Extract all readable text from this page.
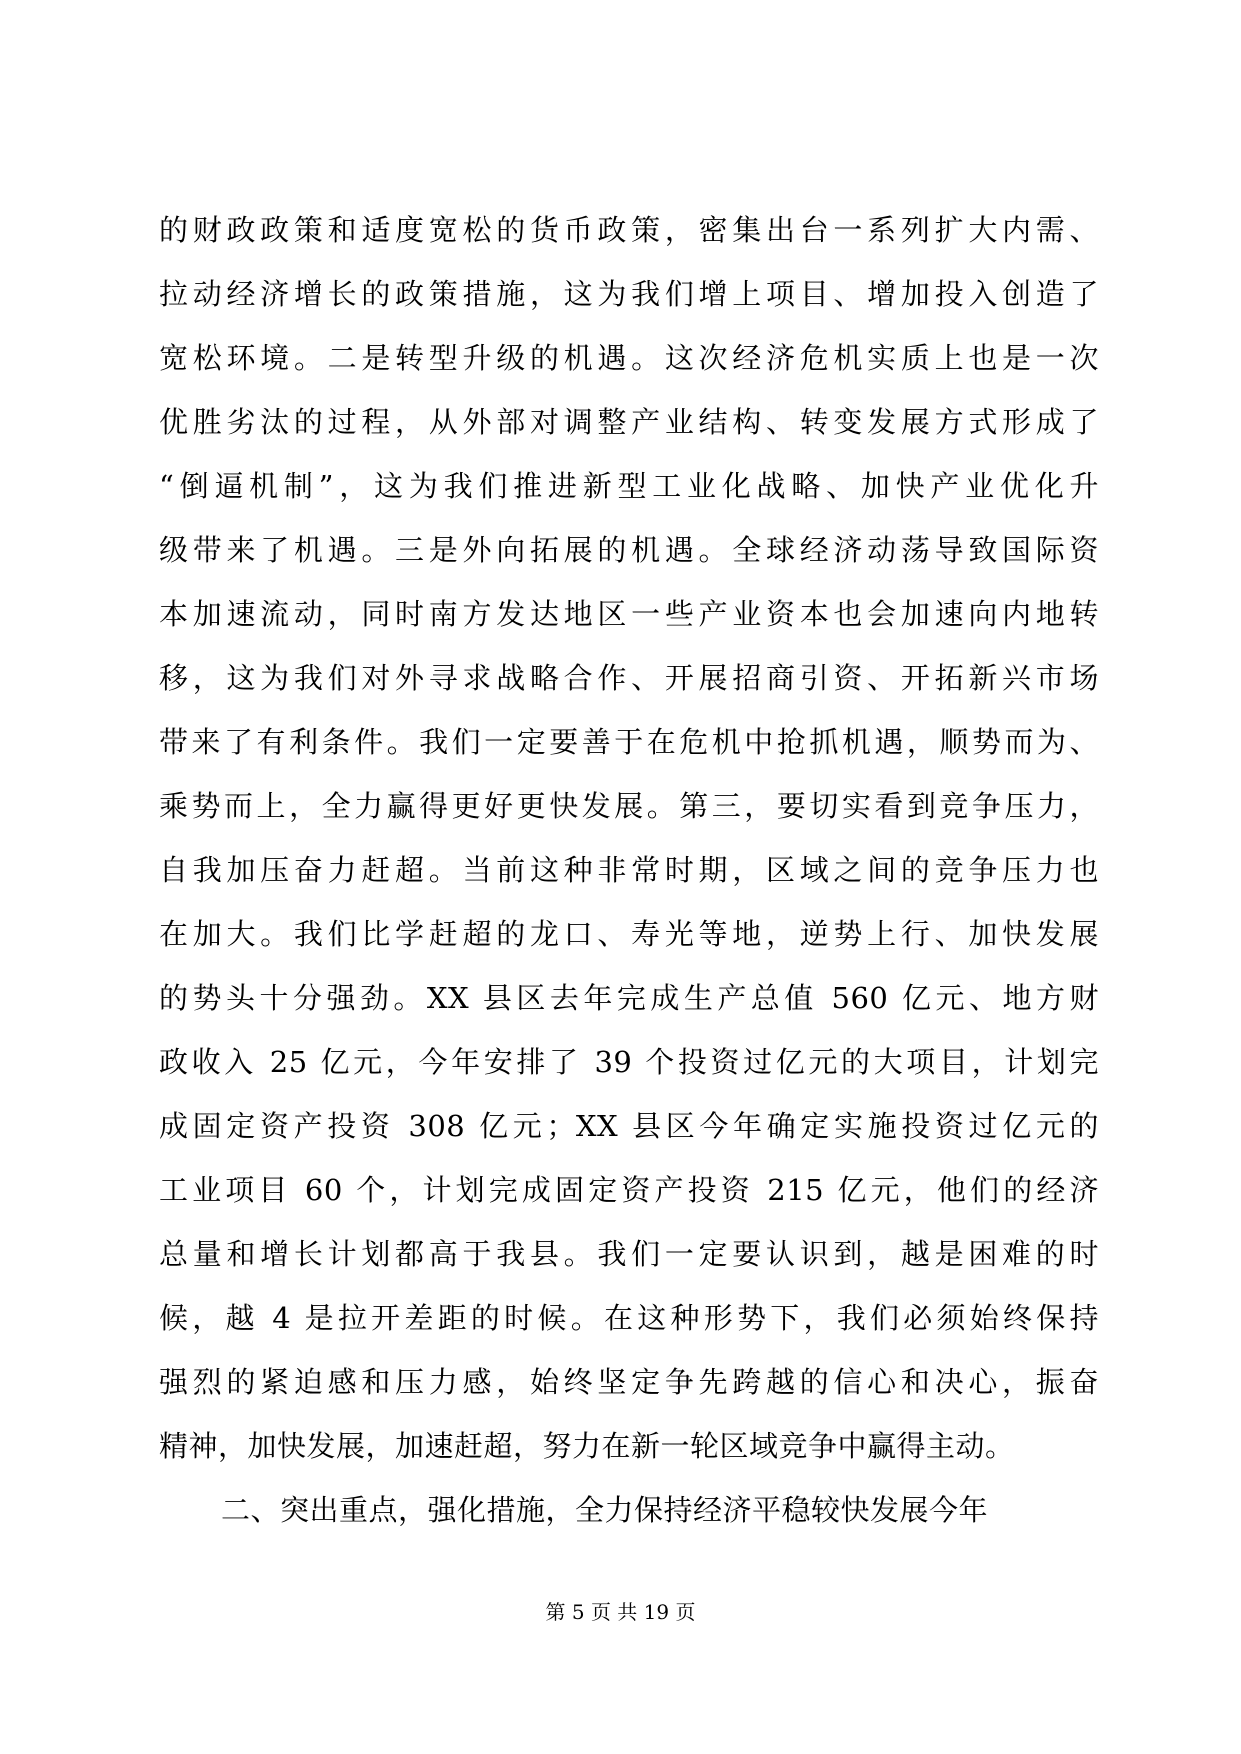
的财政政策和适度宽松的货币政策，密集出台一系列扩大内需、
拉动经济增长的政策措施，这为我们增上项目、增加投入创造了
宽松环境。二是转型升级的机遇。这次经济危机实质上也是一次
优胜劣汰的过程，从外部对调整产业结构、转变发展方式形成了
“倒逼机制”，这为我们推进新型工业化战略、加快产业优化升
级带来了机遇。三是外向拓展的机遇。全球经济动荡导致国际资
本加速流动，同时南方发达地区一些产业资本也会加速向内地转
移，这为我们对外寻求战略合作、开展招商引资、开拓新兴市场
带来了有利条件。我们一定要善于在危机中抢抓机遇，顺势而为、
乘势而上，全力赢得更好更快发展。第三，要切实看到竞争压力，
自我加压奋力赶超。当前这种非常时期，区域之间的竞争压力也
在加大。我们比学赶超的龙口、寿光等地，逆势上行、加快发展
的势头十分强劲。XX 县区去年完成生产总值 560 亿元、地方财
政收入 25 亿元，今年安排了 39 个投资过亿元的大项目，计划完
成固定资产投资 308 亿元；XX 县区今年确定实施投资过亿元的
工业项目 60 个，计划完成固定资产投资 215 亿元，他们的经济
总量和增长计划都高于我县。我们一定要认识到，越是困难的时
候，越 4 是拉开差距的时候。在这种形势下，我们必须始终保持
强烈的紧迫感和压力感，始终坚定争先跨越的信心和决心，振奋
精神，加快发展，加速赶超，努力在新一轮区域竞争中赢得主动。
二、突出重点，强化措施，全力保持经济平稳较快发展今年
第 5 页 共 19 页
